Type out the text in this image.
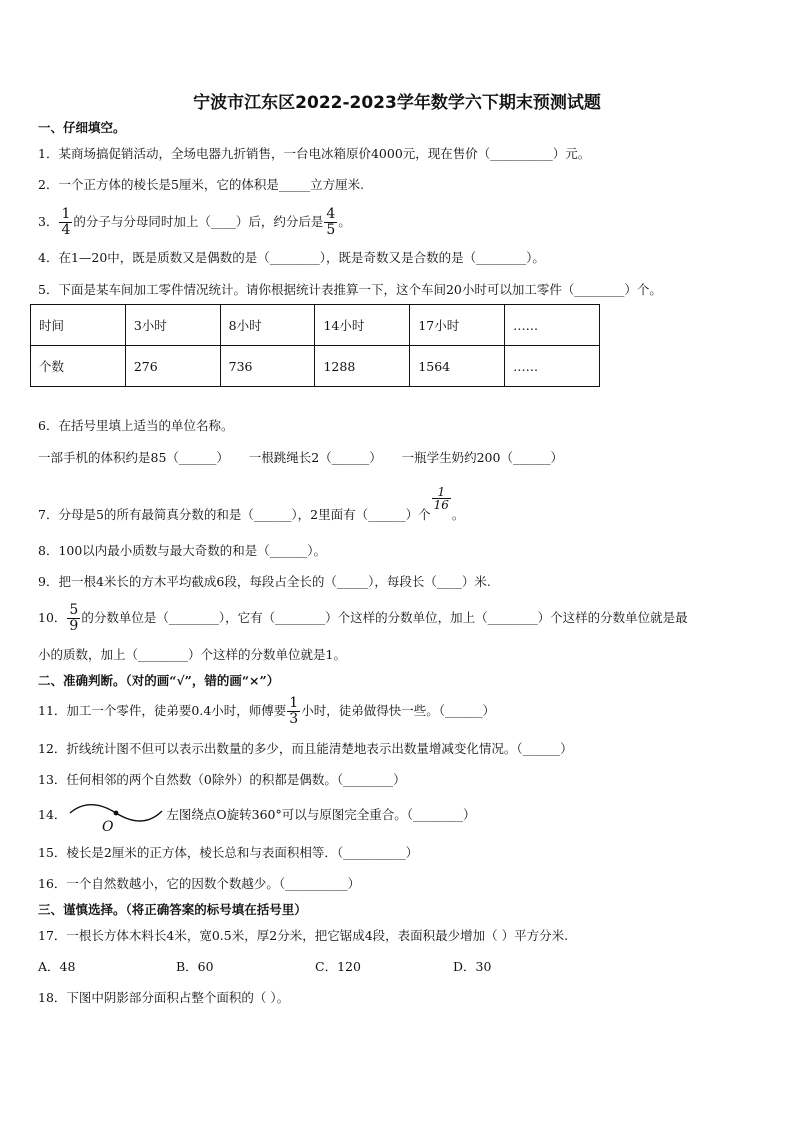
宁波市江东区2022-2023学年数学六下期末预测试题
一、仔细填空。
1．某商场搞促销活动，全场电器九折销售，一台电冰箱原价4000元，现在售价（__________）元。
2．一个正方体的棱长是5厘米，它的体积是_____立方厘米.
3． $\frac{1}{4}$ 的分子与分母同时加上（____）后，约分后是 $\frac{4}{5}$ 。
4．在1—20中，既是质数又是偶数的是（________），既是奇数又是合数的是（________）。
5．下面是某车间加工零件情况统计。请你根据统计表推算一下，这个车间20小时可以加工零件（________）个。
时间	3小时	8小时	14小时	17小时	……
个数	276	736	1288	1564	……
6．在括号里填上适当的单位名称。
一部手机的体积约是85（______）     一根跳绳长2（______）     一瓶学生奶约200（______）
7．分母是5的所有最简真分数的和是（______），2里面有（______）个
$\frac{1}{16}$
。
8．100以内最小质数与最大奇数的和是（______）。
9．把一根4米长的方木平均截成6段，每段占全长的（_____），每段长（____）米.
10． $\frac{5}{9}$ 的分数单位是（________），它有（________）个这样的分数单位，加上（________）个这样的分数单位就是最
小的质数，加上（________）个这样的分数单位就是1。
二、准确判断。（对的画“√”，错的画“×”）
11．加工一个零件，徒弟要0.4小时，师傅要 $\frac{1}{3}$ 小时，徒弟做得快一些。（______）
12．折线统计图不但可以表示出数量的多少，而且能清楚地表示出数量增减变化情况。（______）
13．任何相邻的两个自然数（0除外）的积都是偶数。（________）
14．
O
左图绕点O旋转360°可以与原图完全重合。（________）
15．棱长是2厘米的正方体，棱长总和与表面积相等．（__________）
16．一个自然数越小，它的因数个数越少。（__________）
三、谨慎选择。（将正确答案的标号填在括号里）
17．一根长方体木料长4米，宽0.5米，厚2分米，把它锯成4段，表面积最少增加（ ）平方分米.
A．48	B．60	C．120	D．30
18．下图中阴影部分面积占整个面积的（ ）。
